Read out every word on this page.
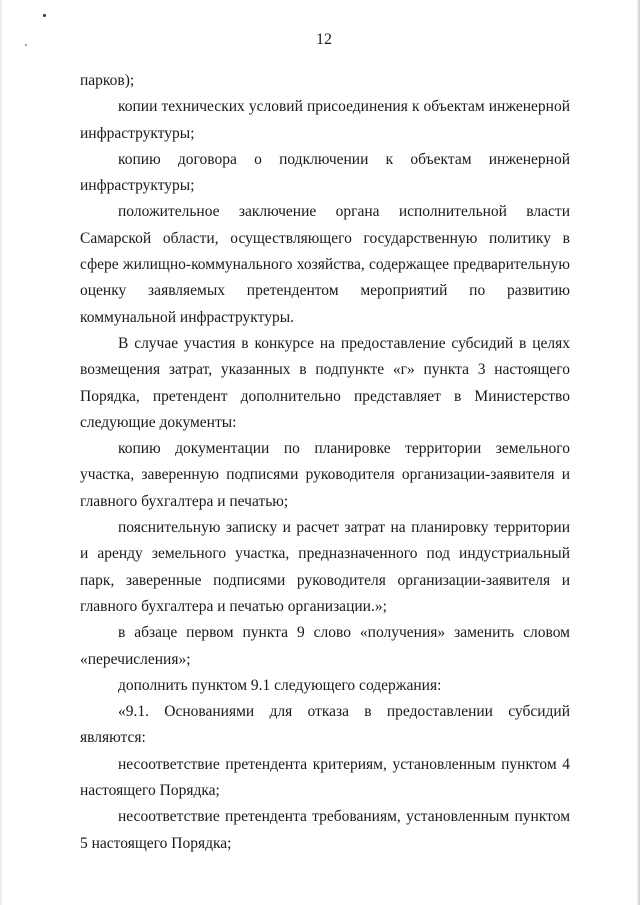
12

парков);

копии технических условий присоединения к объектам инженерной инфраструктуры;

копию договора о подключении к объектам инженерной инфраструктуры;

положительное заключение органа исполнительной власти Самарской области, осуществляющего государственную политику в сфере жилищно-коммунального хозяйства, содержащее предварительную оценку заявляемых претендентом мероприятий по развитию коммунальной инфраструктуры.

В случае участия в конкурсе на предоставление субсидий в целях возмещения затрат, указанных в подпункте «г» пункта 3 настоящего Порядка, претендент дополнительно представляет в Министерство следующие документы:

копию документации по планировке территории земельного участка, заверенную подписями руководителя организации-заявителя и главного бухгалтера и печатью;

пояснительную записку и расчет затрат на планировку территории и аренду земельного участка, предназначенного под индустриальный парк, заверенные подписями руководителя организации-заявителя и главного бухгалтера и печатью организации.»;

в абзаце первом пункта 9 слово «получения» заменить словом «перечисления»;

дополнить пунктом 9.1 следующего содержания:

«9.1. Основаниями для отказа в предоставлении субсидий являются:

несоответствие претендента критериям, установленным пунктом 4 настоящего Порядка;

несоответствие претендента требованиям, установленным пунктом 5 настоящего Порядка;
